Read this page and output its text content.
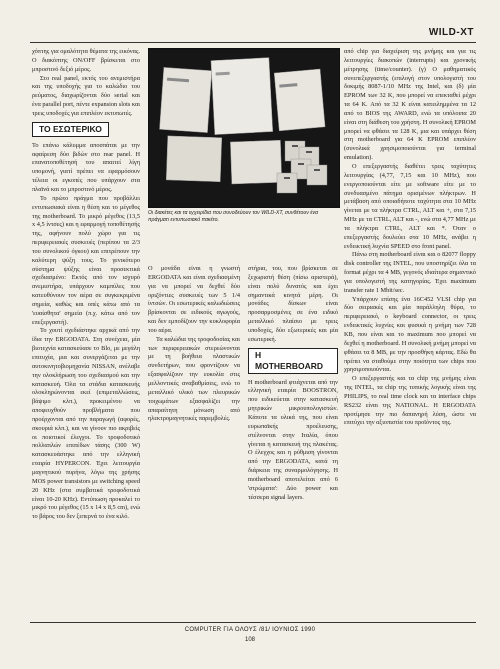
WILD-XT

χόπτης για ομαλότητα θέματα της εικόνας. Ο διακόπτης ON/OFF βρίσκεται στο μπροστινό δεξιό μέρος.

Στο real panel, εκτός του ανεμιστήρα και της υποδοχής για το καλώδιο του ρεύματος, διαχωρίζονται δύο serial και ένα parallel port, πέντε expansion slots και τρεις υποδοχές για επιπλέον εκτυπωτές.

ΤΟ ΕΣΩΤΕΡΙΚΟ

Το επάνω κάλυμμα αποσπάται με την αφαίρεση δύο βιδών στο rear panel. Η επανατοποθέτησή του απαιτεί λίγη υπομονή, γιατί πρέπει να εφαρμόσουν τέλεια οι εγκοπές που υπάρχουν στα πλαϊνά και το μπροστινό μέρος.

Το πρώτο πράγμα που προβάλλει εντυπωσιακά είναι η θέση και το μέγεθος της motherboard. Το μικρό μέγεθος (13,5 x 4,5 ίντσες) και η εφαρμογή τοποθέτησής της, αφήνουν πολύ χώρο για τις περιφερειακές συσκευές (περίπου τα 2/3 του συνολικού όγκου) και επιτρέπουν την καλύτερη ψύξη τους. Το γενικότερο σύστημα ψύξης είναι προσεκτικά σχεδιασμένο: Εκτός από τον ισχυρό ανεμιστήρα, υπάρχουν καμπύλες που κατευθύνουν τον αέρα σε συγκεκριμένα σημεία, καθώς και οπές κάτω από τα 'ευαίσθητα' σημεία (π.χ. κάτω από τον επεξεργαστή).

Το χουτί σχεδιάστηκε αρχικά από την ίδια την ERGODATA. Στη συνέχεια, μία βιοτεχνία κατασκεύασε το Blo, με μεγάλη επιτυχία, μια και συνεργάζεται με την αυτοκινητοβιομηχανία NISSAN, ανέλαβε την ολοκλήρωση του σχεδιασμού και την κατασκευή. Όλα τα στάδια κατασκευής ολοκληρώνονται εκεί (επιμεταλλώσεις, βάψιμο κλπ.), προκειμένου να αποφευχθούν προβλήματα που προέρχονται από την παραγωγή (αφορές, σκουριά κλπ.), και να γίνουν πιο ακριβείς οι ποιοτικοί έλεγχοι. Το τροφοδοτικό πολλαπλών επιπέδων τάσης (300 W) κατασκευάστηκε από την ελληνική εταιρία HYPERCON. Έχει λειτουργία μαγνητικού πυρήνα, λόγω της χρήσης MOS power transistors με switching speed 20 KHz (στα συμβατικά τροφοδοτικά είναι 10-20 KHz). Εντύπωση προκαλεί το μικρό του μέγεθος (15 x 14 x 8,5 cm), ενώ το βάρος του δεν ξεπερνά το ένα κιλό.

Οι διακέτες και τα εγχειρίδια που συνοδεύουν τον WILD-XT, συνθέτουν ένα πράγματι εντυπωσιακό πακέτο.

Ο μονάδα είναι η γνωστή ERGODATA και είναι σχεδιασμένη για να μπορεί να δεχθεί δύο οριζόντιες συσκευές των 5 1/4 ίντσών. Οι εσωτερικές καλωδιώσεις βρίσκονται σε ειδικούς αγωγούς, και δεν εμποδίζουν την κυκλοφορία του αέρα.

Τα καλώδια της τροφοδοσίας και των περιφερειακών στερεώνονται με τη βοήθεια πλαστικών συνδετήρων, που φροντίζουν να εξασφαλίζουν την ευκολία στις μελλοντικές αναβαθμίσεις, ενώ το μεταλλικό υλικό των πλευρικών τοιχωμάτων εξασφαλίζει την απαραίτητη μόνωση από ηλεκτρομαγνητικές παρεμβολές.

στήρια, του, που βρίσκεται σε ξεχωριστή θέση (πίσω αριστερά), είναι πολύ δυνατός και έχει σημαντικά κινητά μέρη. Οι μονάδες δίσκων είναι προσαρμοσμένες σε ένα ειδικό μεταλλικό πλαίσιο με τρεις υποδοχές, δύο εξωτερικές και μία εσωτερική.

H MOTHERBOARD

Η motherboard φτιάχνεται από την ελληνική εταιρία BOOSTRON, που ειδικεύεται στην κατασκευή μητρικών μικρουπολογιστών. Κάποτε τα υλικά της, που είναι ευρωπαϊκής προέλευσης, στέλνονται στην Ιταλία, όπου γίνεται η κατασκευή της πλακέτας. Ο έλεγχος και η ρύθμιση γίνονται από την ERGODATA, κατά τη διάρκεια της συναρμολόγησης. Η motherboard αποτελείται από 6 'στρώματα': Δύο power και τέσσερα signal layers.

από chip για διαχείριση της μνήμης και για τις λειτουργίες διακοπών (interrupts) και χρονικής μέτρησης (time/counter). (γ) O μαθηματικός συνεπεξεργαστής (επιλογή στον υπολογιστή του δοκιμής 8087-1/10 MHz της Intel, και (δ) μία EPROM των 32 K, που μπορεί να επεκταθεί μέχρι τα 64 K. Από τα 32 K είναι κατειλημμένα τα 12 από το BIOS της AWARD, ενώ τα υπόλοιπα 20 είναι στη διάθεση του χρήστη. Η συνολική EPROM μπορεί να φθάσει τα 128 K, μια και υπάρχει θέση στη motherboard για 64 K EPROM επιπλέον (συνολικά χρησιμοποιούνται για terminal emulation).

Ο επεξεργαστής διαθέτει τρεις ταχύτητες λειτουργίας (4,77, 7,15 και 10 MHz), που ενεργοποιούνται είτε με software είτε με το συνδυασμένο πάτημα ορισμένων πλήκτρων. Η μετάβαση από οποιαδήποτε ταχύτητα στα 10 MHz γίνεται με τα πλήκτρα CTRL, ALT και +, στα 7,15 MHz με τα CTRL, ALT και -, ενώ στα 4,77 MHz με τα πλήκτρα CTRL, ALT και *. Όταν ο επεξεργαστής δουλεύει στα 10 MHz, ανάβει η ενδεικτική λυχνία SPEED στο front panel.

Πάνω στη motherboard είναι και ο 82077 floppy disk controller της INTEL, που υποστηρίζει όλα τα format μέχρι τα 4 MB, γεγονός ιδιαίτερα σημαντικό για υπολογιστή της κατηγορίας. Έχει maximum transfer rate 1 Mbit/sec.

Υπάρχουν επίσης ένα 16C452 VLSI chip για δύο σειριακές και μία παράλληλη θύρα, το περιφερειακό, ο keyboard connector, οι τρεις ενδεικτικές λυχνίες και φυσικά η μνήμη των 728 KB, που είναι και το maximum που μπορεί να δεχθεί η motherboard. Η συνολική μνήμη μπορεί να φθάσει τα 8 MB, με την προσθήκη κάρτας. Εδώ θα πρέπει να σταθούμε στην ποιότητα των chips που χρησιμοποιούνται.

Ο επεξεργαστής και τα chip της μνήμης είναι της INTEL, τα chip της τυπικής λογικής είναι της PHILIPS, το real time clock και τα interface chips RS232 είναι της NATIONAL. Η ERGODATA προτίμησε την πιο δαπανηρή λύση, ώστε να επιτύχει την αξιοπιστία του προϊόντος της.

COMPUTER ΓΙΑ ΟΛΟΥΣ /81/ ΙΟΥΝΙΟΣ 1990
108
